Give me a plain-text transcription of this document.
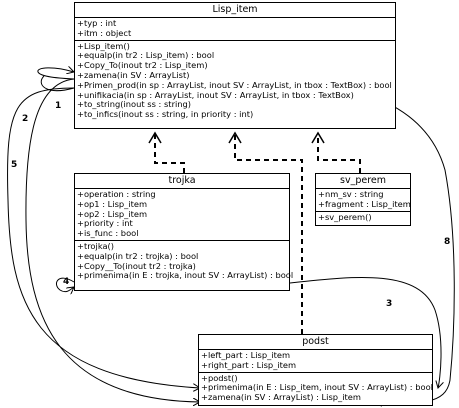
Lisp_item
+typ : int
+itm : object
+Lisp_item()
+equalp(in tr2 : Lisp_item) : bool
+Copy_To(inout tr2 : Lisp_item)
+zamena(in SV : ArrayList)
+Primen_prod(in sp : ArrayList, inout SV : ArrayList, in tbox : TextBox) : bool
+unifikacia(in sp : ArrayList, inout SV : ArrayList, in tbox : TextBox)
+to_string(inout ss : string)
+to_infics(inout ss : string, in priority : int)
trojka
+operation : string
+op1 : Lisp_item
+op2 : Lisp_item
+priority : int
+is_func : bool
+trojka()
+equalp(in tr2 : trojka) : bool
+Copy__To(inout tr2 : trojka)
+primenima(in E : trojka, inout SV : ArrayList) : bool
sv_perem
+nm_sv : string
+fragment : Lisp_item
+sv_perem()
podst
+left_part : Lisp_item
+right_part : Lisp_item
+podst()
+primenima(in E : Lisp_item, inout SV : ArrayList) : bool
+zamena(in SV : ArrayList) : Lisp_item
1
2
5
4
3
8
